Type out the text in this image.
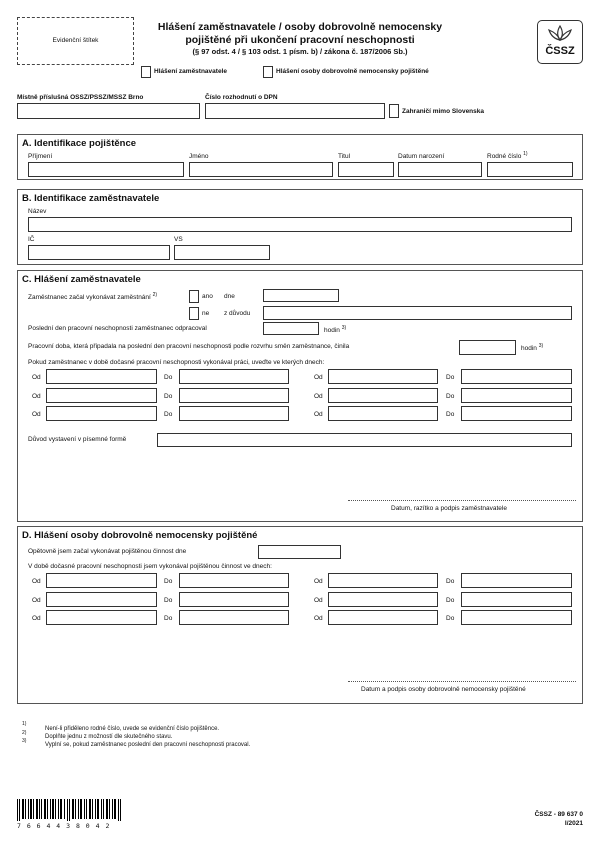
Evidenční štítek
Hlášení zaměstnavatele / osoby dobrovolně nemocensky
pojištěné při ukončení pracovní neschopnosti
(§ 97 odst. 4 / § 103 odst. 1 písm. b) / zákona č. 187/2006 Sb.)	ČSSZ
Hlášení zaměstnavatele	Hlášení osoby dobrovolně nemocensky pojištěné
Místně příslušná OSSZ/PSSZ/MSSZ Brno	Číslo rozhodnutí o DPN
Zahraničí mimo Slovenska
A. Identifikace pojištěnce
Příjmení	Jméno	Titul	Datum narození	Rodné číslo $^{1)}$
B. Identifikace zaměstnavatele
Název
IČ	VS
C. Hlášení zaměstnavatele
Zaměstnanec začal vykonávat zaměstnání $^{2)}$	ano dne
ne z důvodu
Poslední den pracovní neschopnosti zaměstnanec odpracoval	hodin $^{3)}$
Pracovní doba, která připadala na poslední den pracovní neschopnosti podle rozvrhu směn zaměstnance, činila	hodin $^{3)}$
Pokud zaměstnanec v době dočasné pracovní neschopnosti vykonával práci, uveďte ve kterých dnech:
Od	Do	Od	Do
Od	Do	Od	Do
Od	Do	Od	Do
Důvod vystavení v písemné formě
Datum, razítko a podpis zaměstnavatele
D. Hlášení osoby dobrovolně nemocensky pojištěné
Opětovně jsem začal vykonávat pojištěnou činnost dne
V době dočasné pracovní neschopnosti jsem vykonával pojištěnou činnost ve dnech:
Od	Do	Od	Do
Od	Do	Od	Do
Od	Do	Od	Do
Datum a podpis osoby dobrovolně nemocensky pojištěné
1)
Není-li přiděleno rodné číslo, uvede se evidenční číslo pojištěnce.
2)
Doplňte jednu z možností dle skutečného stavu.
3)
Vyplní se, pokud zaměstnanec poslední den pracovní neschopnosti pracoval.
7 6 6 4 4 3 8 0 4 2
ČSSZ - 89 637 0
I/2021
